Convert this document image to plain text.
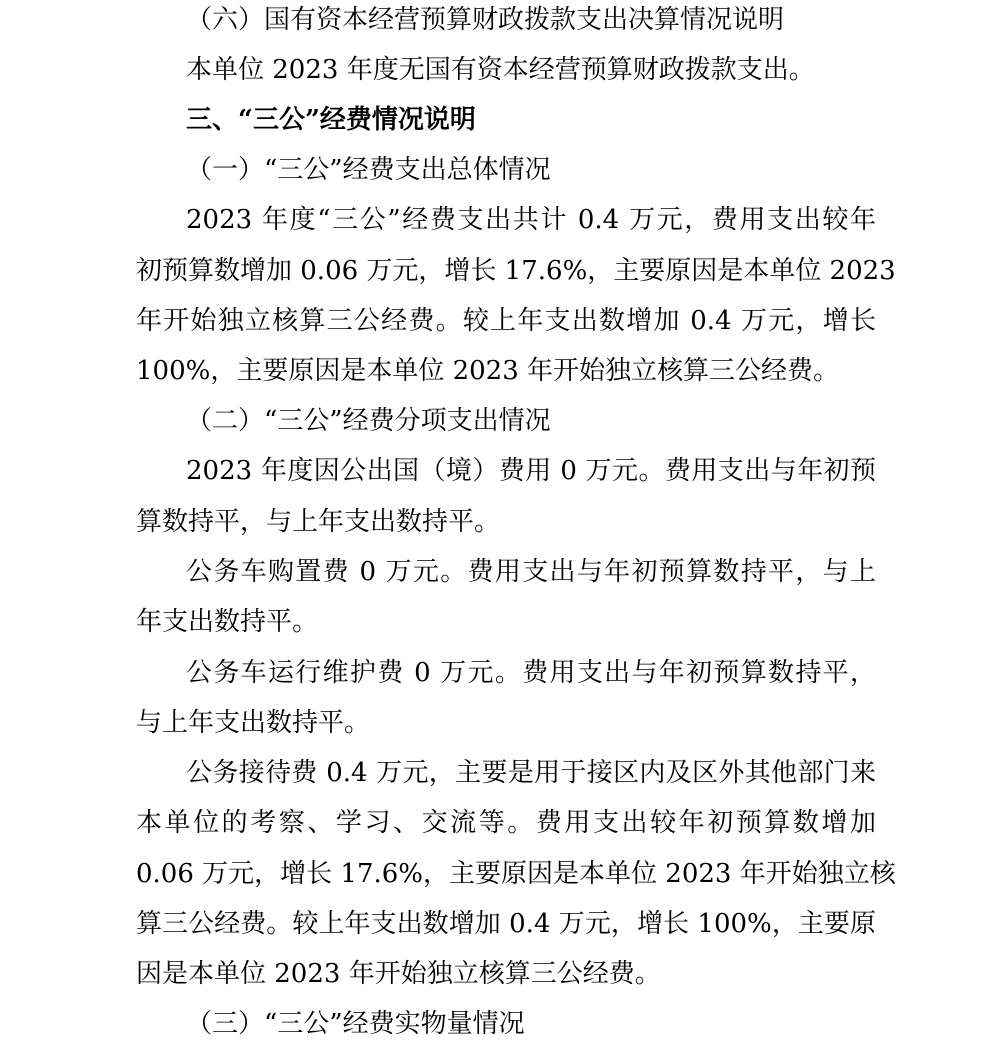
（六）国有资本经营预算财政拨款支出决算情况说明
本单位 2023 年度无国有资本经营预算财政拨款支出。
三、“三公”经费情况说明
（一）“三公”经费支出总体情况
2023 年度“三公”经费支出共计 0.4 万元，费用支出较年
初预算数增加 0.06 万元，增长 17.6%，主要原因是本单位 2023
年开始独立核算三公经费。较上年支出数增加 0.4 万元，增长
100%，主要原因是本单位 2023 年开始独立核算三公经费。
（二）“三公”经费分项支出情况
2023 年度因公出国（境）费用 0 万元。费用支出与年初预
算数持平，与上年支出数持平。
公务车购置费 0 万元。费用支出与年初预算数持平，与上
年支出数持平。
公务车运行维护费 0 万元。费用支出与年初预算数持平，
与上年支出数持平。
公务接待费 0.4 万元，主要是用于接区内及区外其他部门来
本单位的考察、学习、交流等。费用支出较年初预算数增加
0.06 万元，增长 17.6%，主要原因是本单位 2023 年开始独立核
算三公经费。较上年支出数增加 0.4 万元，增长 100%，主要原
因是本单位 2023 年开始独立核算三公经费。
（三）“三公”经费实物量情况
